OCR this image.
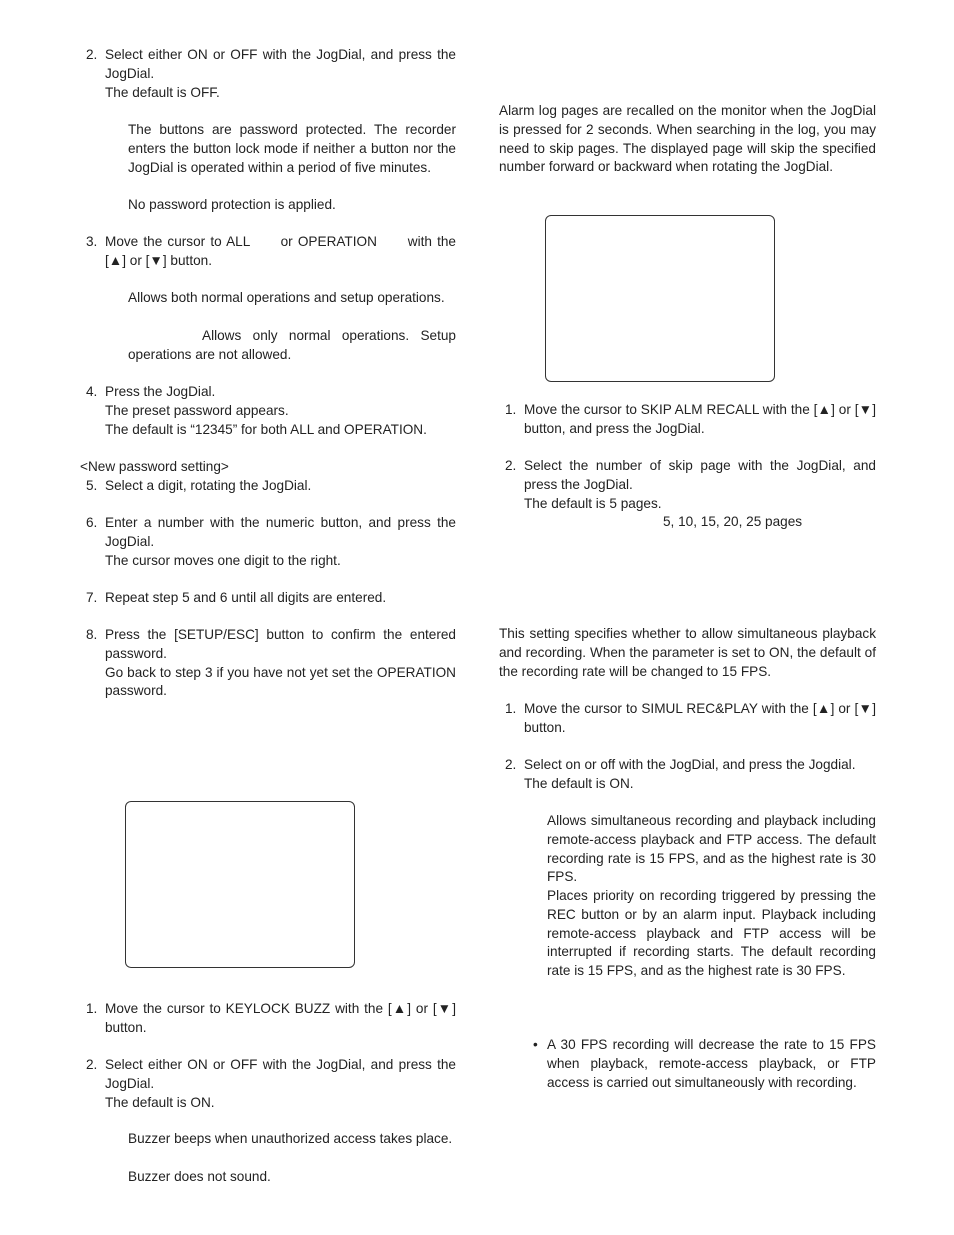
2. Select either ON or OFF with the JogDial, and press the JogDial.
The default is OFF.

The buttons are password protected. The recorder enters the button lock mode if neither a button nor the JogDial is operated within a period of five minutes.

No password protection is applied.

3. Move the cursor to ALL      or OPERATION      with the [▲] or [▼] button.

Allows both normal operations and setup operations.

Allows only normal operations. Setup operations are not allowed.

4. Press the JogDial.
The preset password appears.
The default is “12345” for both ALL and OPERATION.

<New password setting>

5. Select a digit, rotating the JogDial.
6. Enter a number with the numeric button, and press the JogDial.
The cursor moves one digit to the right.
7. Repeat step 5 and 6 until all digits are entered.
8. Press the [SETUP/ESC] button to confirm the entered password.
Go back to step 3 if you have not yet set the OPERATION password.
1. Move the cursor to KEYLOCK BUZZ with the [▲] or [▼] button.
2. Select either ON or OFF with the JogDial, and press the JogDial.
The default is ON.

Buzzer beeps when unauthorized access takes place.

Buzzer does not sound.

Alarm log pages are recalled on the monitor when the JogDial is pressed for 2 seconds. When searching in the log, you may need to skip pages. The displayed page will skip the specified number forward or backward when rotating the JogDial.

1. Move the cursor to SKIP ALM RECALL with the [▲] or [▼] button, and press the JogDial.
2. Select the number of skip page with the JogDial, and press the JogDial.
The default is 5 pages.
5, 10, 15, 20, 25 pages

This setting specifies whether to allow simultaneous playback and recording. When the parameter is set to ON, the default of the recording rate will be changed to 15 FPS.

1. Move the cursor to SIMUL REC&PLAY with the [▲] or [▼] button.
2. Select on or off with the JogDial, and press the Jogdial.
The default is ON.

Allows simultaneous recording and playback including remote-access playback and FTP access. The default recording rate is 15 FPS, and as the highest rate is 30 FPS.

Places priority on recording triggered by pressing the REC button or by an alarm input. Playback including remote-access playback and FTP access will be interrupted if recording starts. The default recording rate is 15 FPS, and as the highest rate is 30 FPS.

• A 30 FPS recording will decrease the rate to 15 FPS when playback, remote-access playback, or FTP access is carried out simultaneously with recording.
